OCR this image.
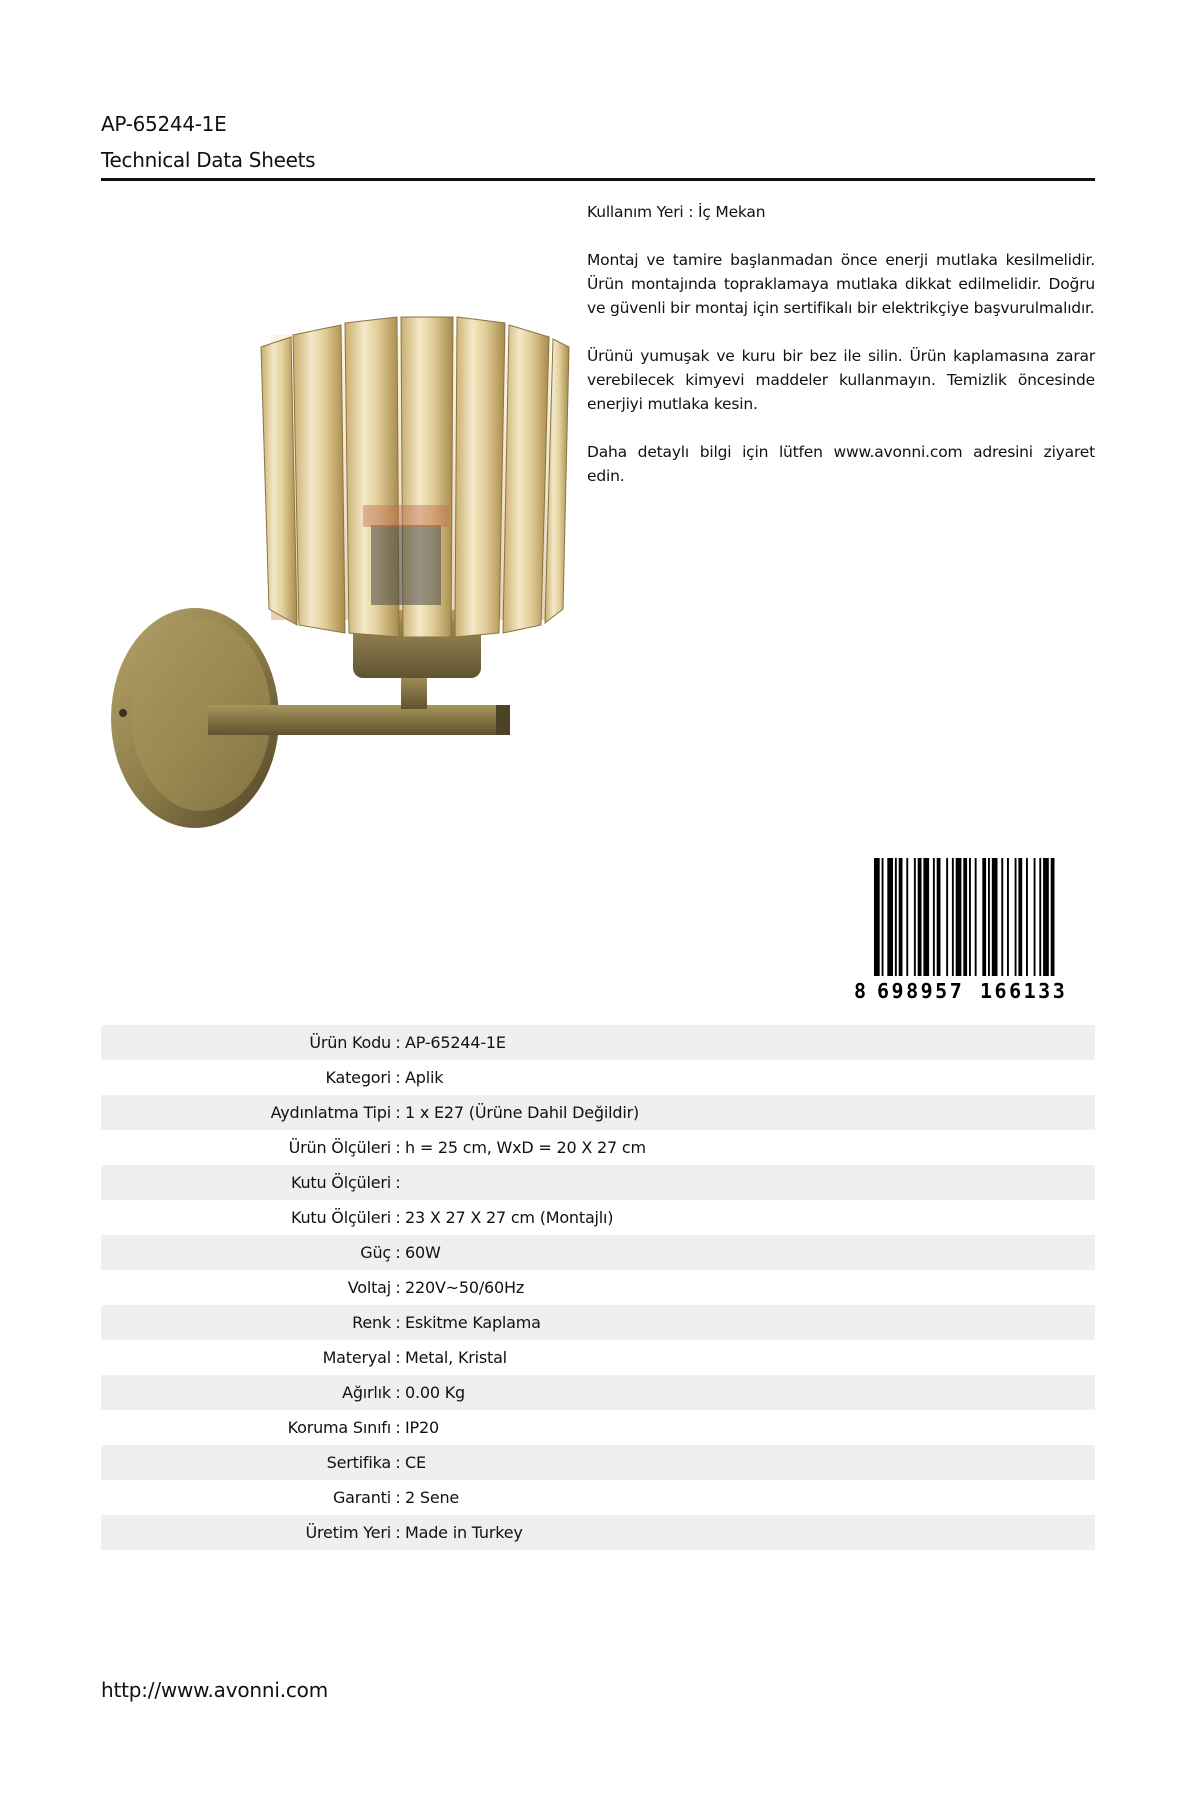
AP-65244-1E
Technical Data Sheets

Kullanım Yeri : İç Mekan

Montaj ve tamire başlanmadan önce enerji mutlaka kesilmelidir. Ürün montajında topraklamaya mutlaka dikkat edilmelidir. Doğru ve güvenli bir montaj için sertifikalı bir elektrikçiye başvurulmalıdır.

Ürünü yumuşak ve kuru bir bez ile silin. Ürün kaplamasına zarar verebilecek kimyevi maddeler kullanmayın. Temizlik öncesinde enerjiyi mutlaka kesin.

Daha detaylı bilgi için lütfen www.avonni.com adresini ziyaret edin.

8 698957 166133
Ürün Kodu : AP-65244-1E
Kategori : Aplik
Aydınlatma Tipi : 1 x E27 (Ürüne Dahil Değildir)
Ürün Ölçüleri : h = 25 cm, WxD = 20 X 27 cm
Kutu Ölçüleri :
Kutu Ölçüleri : 23 X 27 X 27 cm (Montajlı)
Güç : 60W
Voltaj : 220V~50/60Hz
Renk : Eskitme Kaplama
Materyal : Metal, Kristal
Ağırlık : 0.00 Kg
Koruma Sınıfı : IP20
Sertifika : CE
Garanti : 2 Sene
Üretim Yeri : Made in Turkey
http://www.avonni.com
